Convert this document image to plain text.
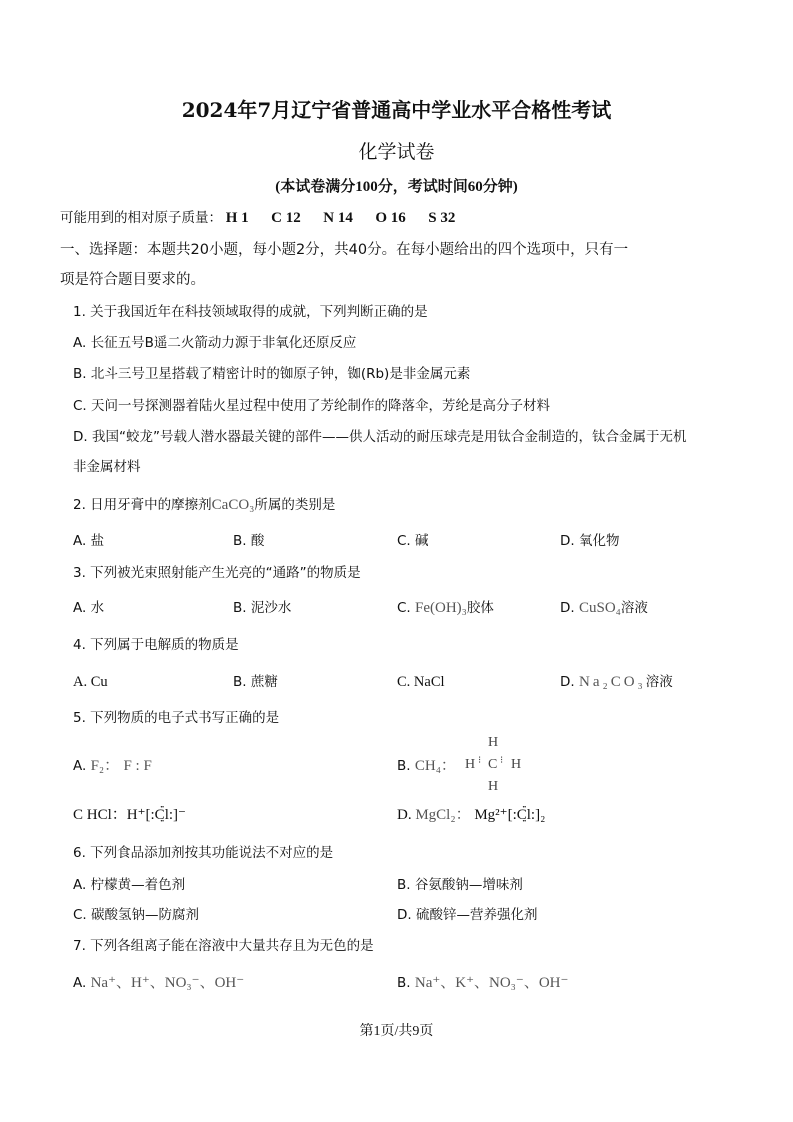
2024年7月辽宁省普通高中学业水平合格性考试
化学试卷
(本试卷满分100分，考试时间60分钟)
可能用到的相对原子质量： H 1   C 12   N 14   O 16   S 32
一、选择题：本题共20小题，每小题2分，共40分。在每小题给出的四个选项中，只有一
项是符合题目要求的。
1. 关于我国近年在科技领域取得的成就，下列判断正确的是
A. 长征五号B遥二火箭动力源于非氧化还原反应
B. 北斗三号卫星搭载了精密计时的铷原子钟，铷(Rb)是非金属元素
C. 天问一号探测器着陆火星过程中使用了芳纶制作的降落伞，芳纶是高分子材料
D. 我国“蛟龙”号载人潜水器最关键的部件——供人活动的耐压球壳是用钛合金制造的，钛合金属于无机
非金属材料
2. 日用牙膏中的摩擦剂CaCO₃所属的类别是
A. 盐	B. 酸	C. 碱	D. 氧化物
3. 下列被光束照射能产生光亮的“通路”的物质是
A. 水	B. 泥沙水	C. Fe(OH)₃胶体	D. CuSO₄溶液
4. 下列属于电解质的物质是
A. Cu	B. 蔗糖	C. NaCl	D. Na₂CO₃溶液
5. 下列物质的电子式书写正确的是
A. F₂： F : F	B. CH₄： H ⁝ C ⁝ H
H
H
C HCl：H⁺[• • :Cl: • •]⁻	D. MgCl₂： Mg²⁺[• • :Cl: • •]₂
6. 下列食品添加剂按其功能说法不对应的是
A. 柠檬黄—着色剂	B. 谷氨酸钠—增味剂
C. 碳酸氢钠—防腐剂	D. 硫酸锌—营养强化剂
7. 下列各组离子能在溶液中大量共存且为无色的是
A. Na⁺、H⁺、NO₃⁻、OH⁻	B. Na⁺、K⁺、NO₃⁻、OH⁻
第1页/共9页
